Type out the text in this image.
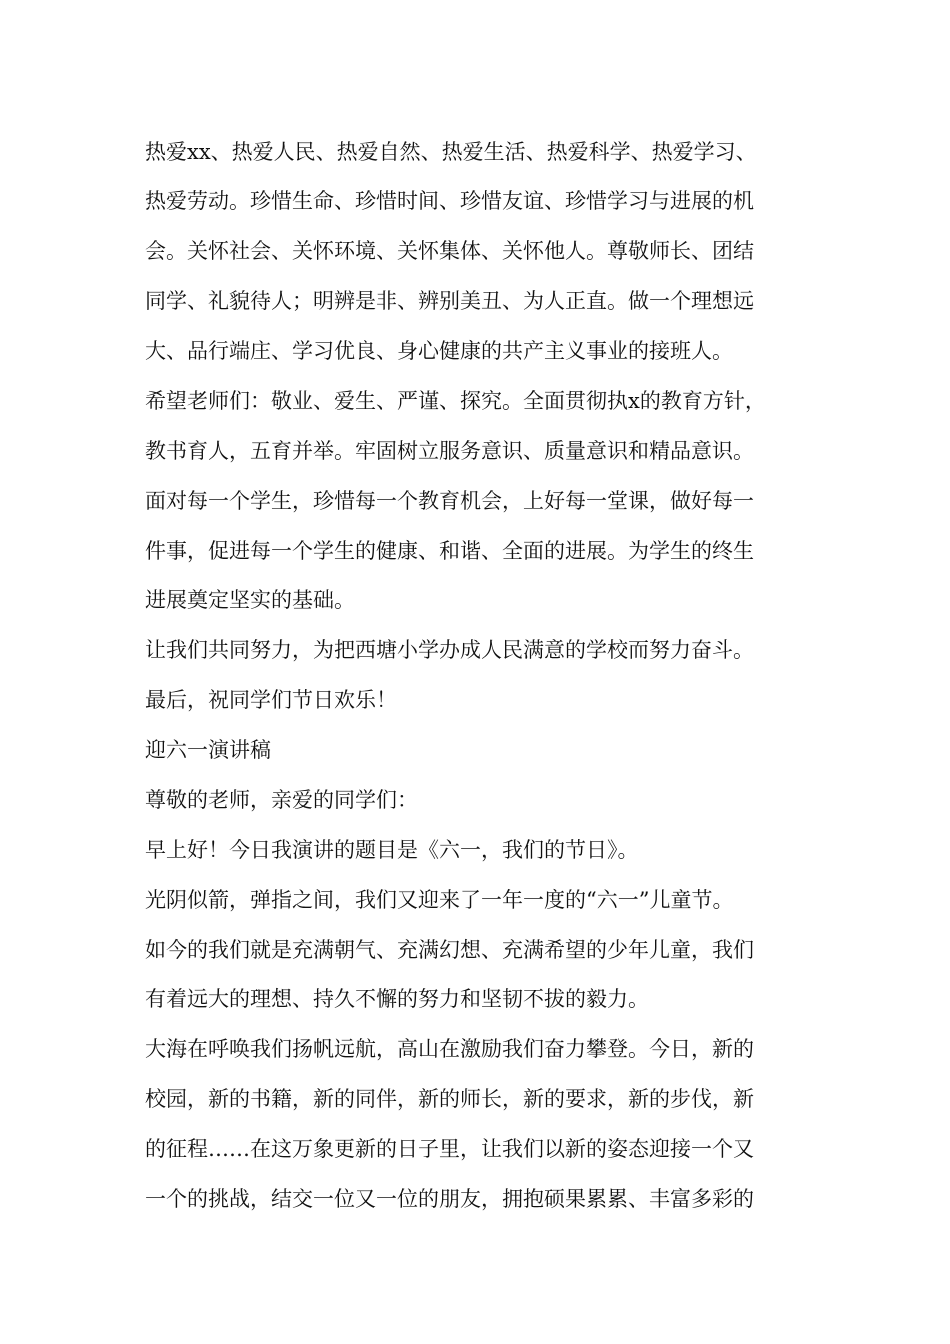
热爱xx、热爱人民、热爱自然、热爱生活、热爱科学、热爱学习、

热爱劳动。珍惜生命、珍惜时间、珍惜友谊、珍惜学习与进展的机

会。关怀社会、关怀环境、关怀集体、关怀他人。尊敬师长、团结

同学、礼貌待人；明辨是非、辨别美丑、为人正直。做一个理想远

大、品行端庄、学习优良、身心健康的共产主义事业的接班人。

希望老师们：敬业、爱生、严谨、探究。全面贯彻执x的教育方针，

教书育人，五育并举。牢固树立服务意识、质量意识和精品意识。

面对每一个学生，珍惜每一个教育机会，上好每一堂课，做好每一

件事，促进每一个学生的健康、和谐、全面的进展。为学生的终生

进展奠定坚实的基础。

让我们共同努力，为把西塘小学办成人民满意的学校而努力奋斗。

最后，祝同学们节日欢乐！

迎六一演讲稿

尊敬的老师，亲爱的同学们：

早上好！今日我演讲的题目是《六一，我们的节日》。

光阴似箭，弹指之间，我们又迎来了一年一度的“六一”儿童节。

如今的我们就是充满朝气、充满幻想、充满希望的少年儿童，我们

有着远大的理想、持久不懈的努力和坚韧不拔的毅力。

大海在呼唤我们扬帆远航，高山在激励我们奋力攀登。今日，新的

校园，新的书籍，新的同伴，新的师长，新的要求，新的步伐，新

的征程……在这万象更新的日子里，让我们以新的姿态迎接一个又

一个的挑战，结交一位又一位的朋友，拥抱硕果累累、丰富多彩的
